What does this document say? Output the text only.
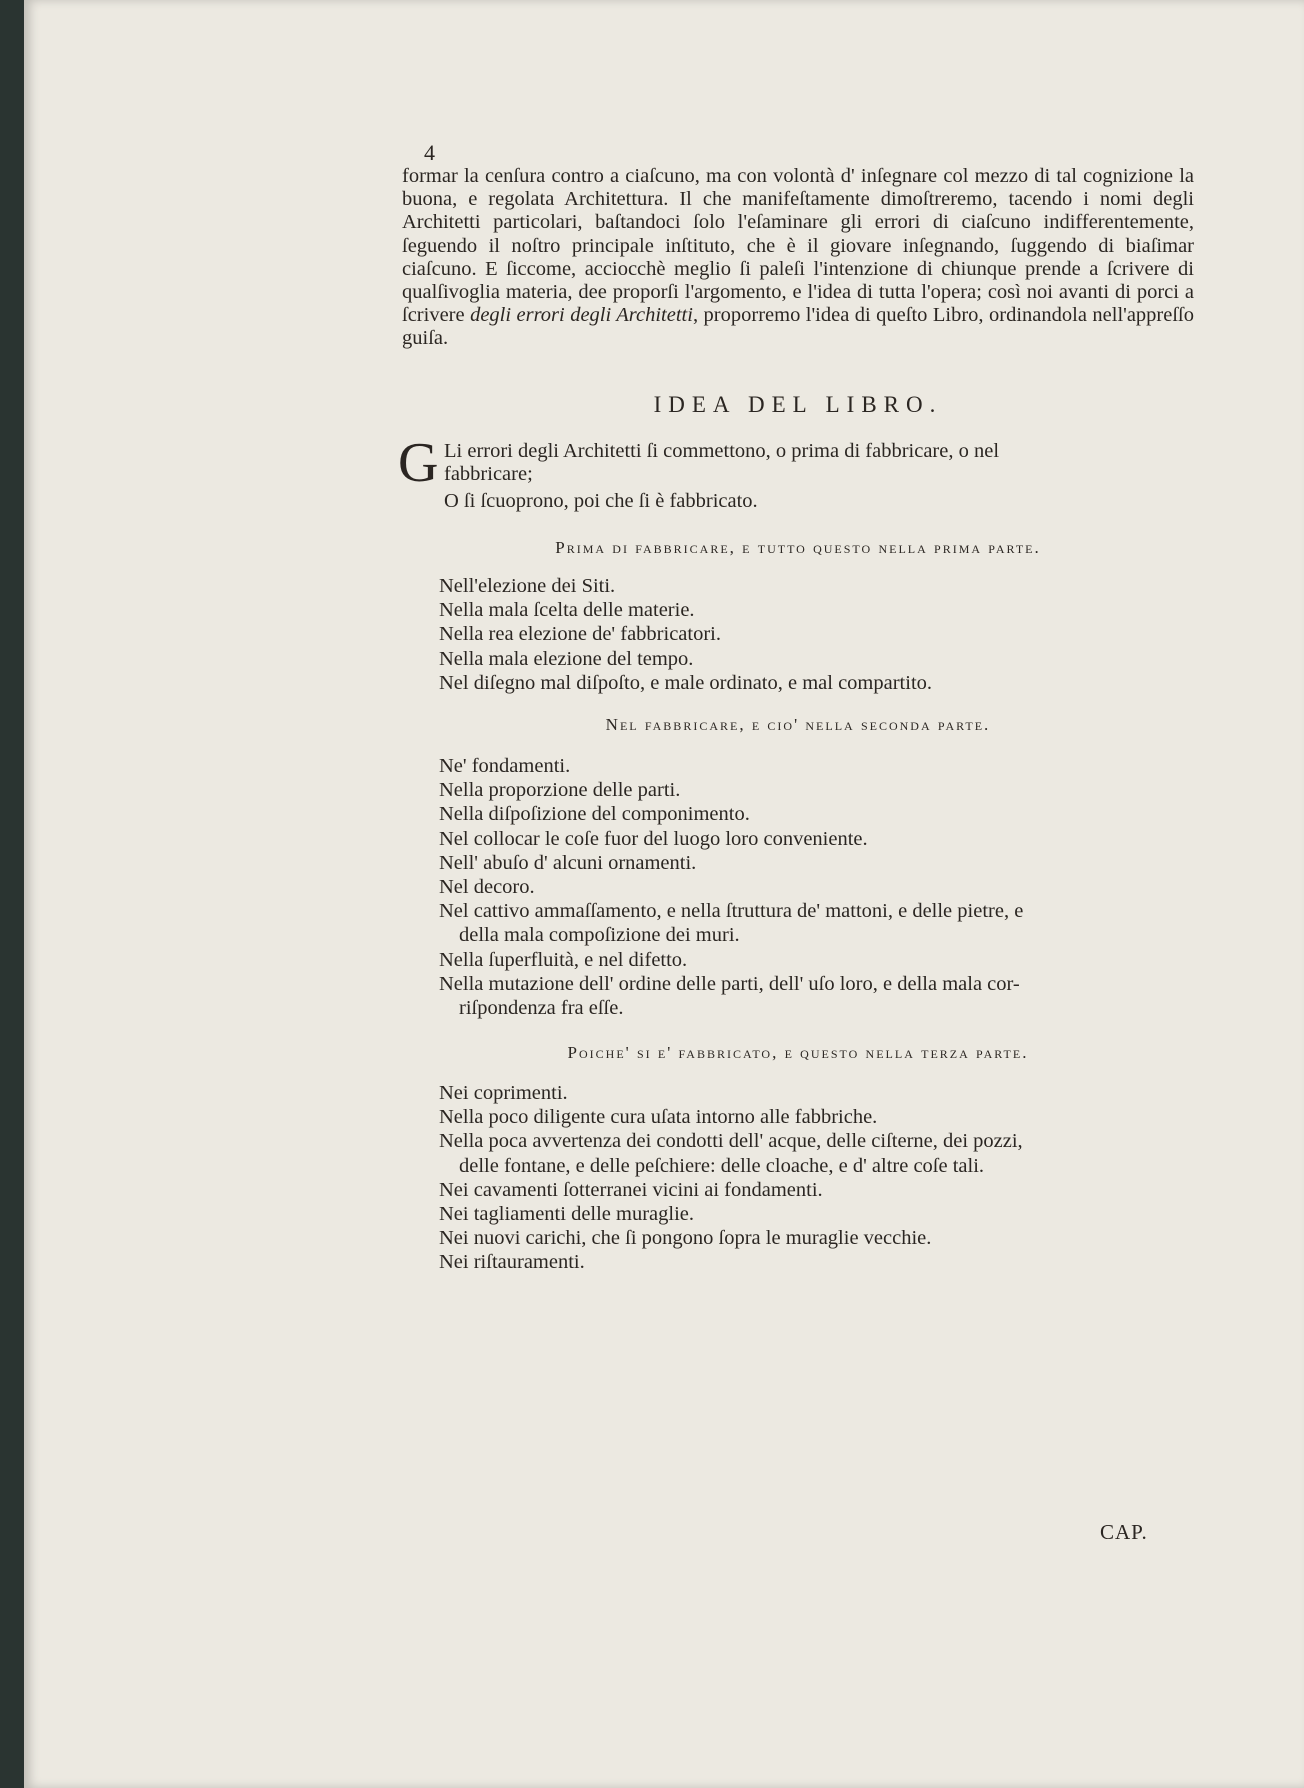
4

formar la cenſura contro a ciaſcuno, ma con volontà d' inſegnare col mezzo di tal cognizione la buona, e regolata Architettura. Il che manifeſtamente dimoſtreremo, tacendo i nomi degli Architetti particolari, baſtandoci ſolo l'eſaminare gli errori di ciaſcuno indifferentemente, ſeguendo il noſtro principale inſtituto, che è il giovare inſegnando, ſuggendo di biaſimar ciaſcuno. E ſiccome, acciocchè meglio ſi paleſi l'intenzione di chiunque prende a ſcrivere di qualſivoglia materia, dee proporſi l'argomento, e l'idea di tutta l'opera; così noi avanti di porci a ſcrivere degli errori degli Architetti, proporremo l'idea di queſto Libro, ordinandola nell'appreſſo guiſa.

IDEA DEL LIBRO.
G Li errori degli Architetti ſi commettono, o prima di fabbricare, o nel
fabbricare;
O ſi ſcuoprono, poi che ſi è fabbricato.
Prima di fabbricare, e tutto questo nella prima parte.
Nell'elezione dei Siti.
Nella mala ſcelta delle materie.
Nella rea elezione de' fabbricatori.
Nella mala elezione del tempo.
Nel diſegno mal diſpoſto, e male ordinato, e mal compartito.
Nel fabbricare, e cio' nella seconda parte.
Ne' fondamenti.
Nella proporzione delle parti.
Nella diſpoſizione del componimento.
Nel collocar le coſe fuor del luogo loro conveniente.
Nell' abuſo d' alcuni ornamenti.
Nel decoro.
Nel cattivo ammaſſamento, e nella ſtruttura de' mattoni, e delle pietre, e
della mala compoſizione dei muri.
Nella ſuperfluità, e nel difetto.
Nella mutazione dell' ordine delle parti, dell' uſo loro, e della mala cor-
riſpondenza fra eſſe.
Poiche' si e' fabbricato, e questo nella terza parte.
Nei coprimenti.
Nella poco diligente cura uſata intorno alle fabbriche.
Nella poca avvertenza dei condotti dell' acque, delle ciſterne, dei pozzi,
delle fontane, e delle peſchiere: delle cloache, e d' altre coſe tali.
Nei cavamenti ſotterranei vicini ai fondamenti.
Nei tagliamenti delle muraglie.
Nei nuovi carichi, che ſi pongono ſopra le muraglie vecchie.
Nei riſtauramenti.
CAP.
